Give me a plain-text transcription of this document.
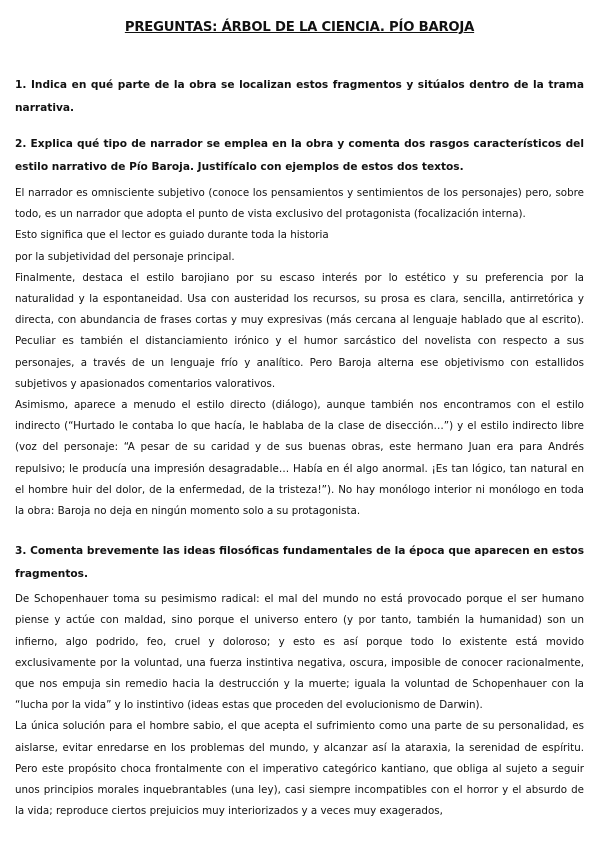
PREGUNTAS: ÁRBOL DE LA CIENCIA. PÍO BAROJA

1. Indica en qué parte de la obra se localizan estos fragmentos y sitúalos dentro de la trama narrativa.

2. Explica qué tipo de narrador se emplea en la obra y comenta dos rasgos característicos del estilo narrativo de Pío Baroja. Justifícalo con ejemplos de estos dos textos.

El narrador es omnisciente subjetivo (conoce los pensamientos y sentimientos de los personajes) pero, sobre todo, es un narrador que adopta el punto de vista exclusivo del protagonista (focalización interna).

Esto significa que el lector es guiado durante toda la historia

por la subjetividad del personaje principal.

Finalmente, destaca el estilo barojiano por su escaso interés por lo estético y su preferencia por la naturalidad y la espontaneidad. Usa con austeridad los recursos, su prosa es clara, sencilla, antirretórica y directa, con abundancia de frases cortas y muy expresivas (más cercana al lenguaje hablado que al escrito). Peculiar es también el distanciamiento irónico y el humor sarcástico del novelista con respecto a sus personajes, a través de un lenguaje frío y analítico. Pero Baroja alterna ese objetivismo con estallidos subjetivos y apasionados comentarios valorativos.

Asimismo, aparece a menudo el estilo directo (diálogo), aunque también nos encontramos con el estilo indirecto (“Hurtado le contaba lo que hacía, le hablaba de la clase de disección…”) y el estilo indirecto libre (voz del personaje: “A pesar de su caridad y de sus buenas obras, este hermano Juan era para Andrés repulsivo; le producía una impresión desagradable… Había en él algo anormal. ¡Es tan lógico, tan natural en el hombre huir del dolor, de la enfermedad, de la tristeza!”). No hay monólogo interior ni monólogo en toda la obra: Baroja no deja en ningún momento solo a su protagonista.

3. Comenta brevemente las ideas filosóficas fundamentales de la época que aparecen en estos fragmentos.

De Schopenhauer toma su pesimismo radical: el mal del mundo no está provocado porque el ser humano piense y actúe con maldad, sino porque el universo entero (y por tanto, también la humanidad) son un infierno, algo podrido, feo, cruel y doloroso; y esto es así porque todo lo existente está movido exclusivamente por la voluntad, una fuerza instintiva negativa, oscura, imposible de conocer racionalmente, que nos empuja sin remedio hacia la destrucción y la muerte; iguala la voluntad de Schopenhauer con la “lucha por la vida” y lo instintivo (ideas estas que proceden del evolucionismo de Darwin).

La única solución para el hombre sabio, el que acepta el sufrimiento como una parte de su personalidad, es aislarse, evitar enredarse en los problemas del mundo, y alcanzar así la ataraxia, la serenidad de espíritu. Pero este propósito choca frontalmente con el imperativo categórico kantiano, que obliga al sujeto a seguir unos principios morales inquebrantables (una ley), casi siempre incompatibles con el horror y el absurdo de la vida; reproduce ciertos prejuicios muy interiorizados y a veces muy exagerados,
